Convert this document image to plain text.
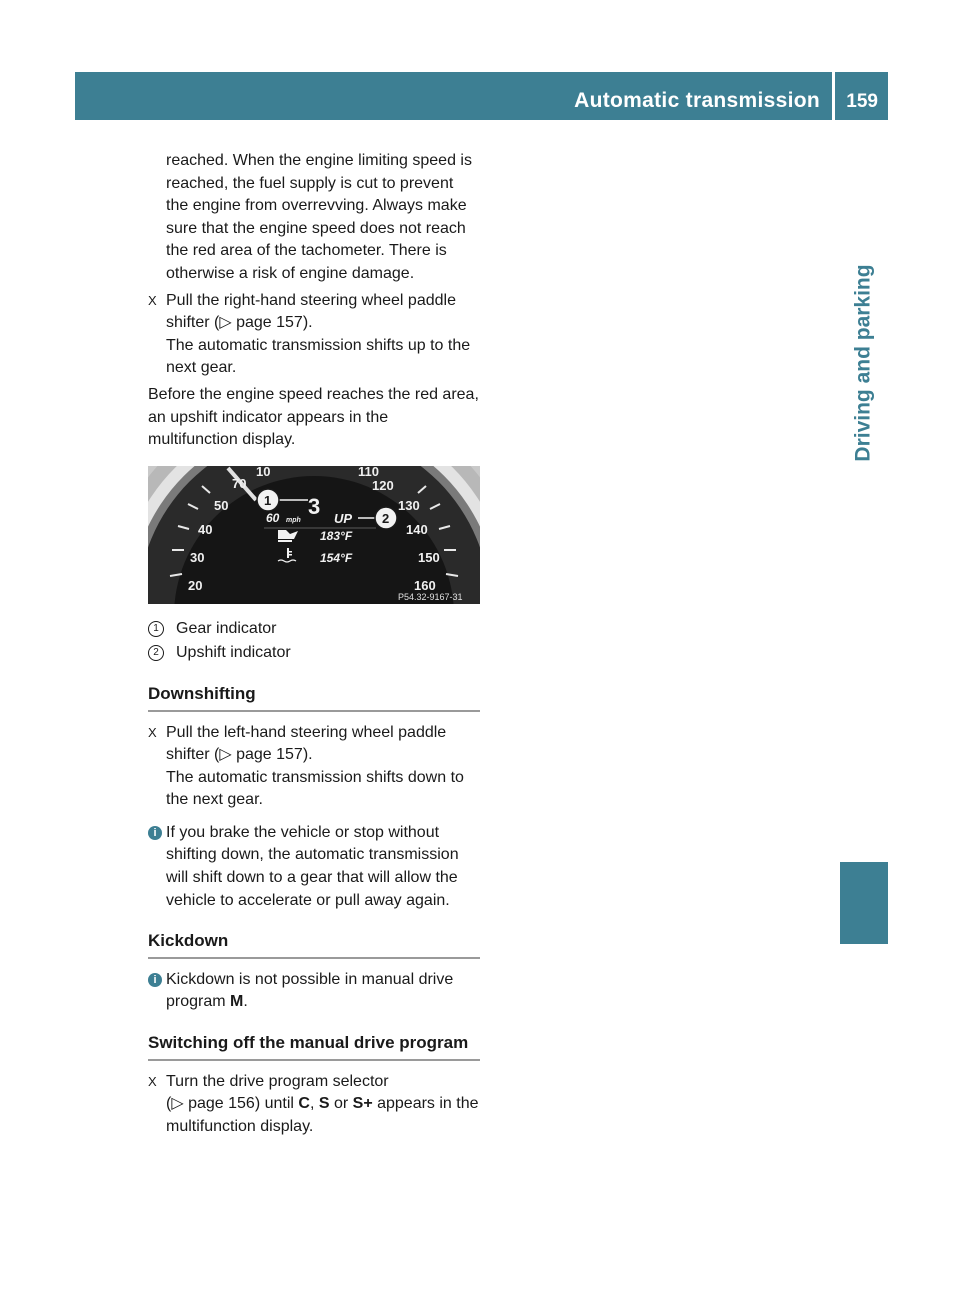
Automatic transmission 159
Driving and parking
reached. When the engine limiting speed is
reached, the fuel supply is cut to prevent
the engine from overrevving. Always make
sure that the engine speed does not reach
the red area of the tachometer. There is
otherwise a risk of engine damage.
X Pull the right-hand steering wheel paddle
shifter (▷ page 157).
The automatic transmission shifts up to the
next gear.
Before the engine speed reaches the red area,
an upshift indicator appears in the
multifunction display.
20
30
40
50
70
10	110
120
130
140
150
160
3
60 mph	UP
183°F
154°F
1
2
P54.32-9167-31
1	Gear indicator
2	Upshift indicator
Downshifting
X Pull the left-hand steering wheel paddle
shifter (▷ page 157).
The automatic transmission shifts down to
the next gear.
i If you brake the vehicle or stop without
shifting down, the automatic transmission
will shift down to a gear that will allow the
vehicle to accelerate or pull away again.
Kickdown
i Kickdown is not possible in manual drive
program M.
Switching off the manual drive program
X Turn the drive program selector
(▷ page 156) until C, S or S+ appears in the
multifunction display.
